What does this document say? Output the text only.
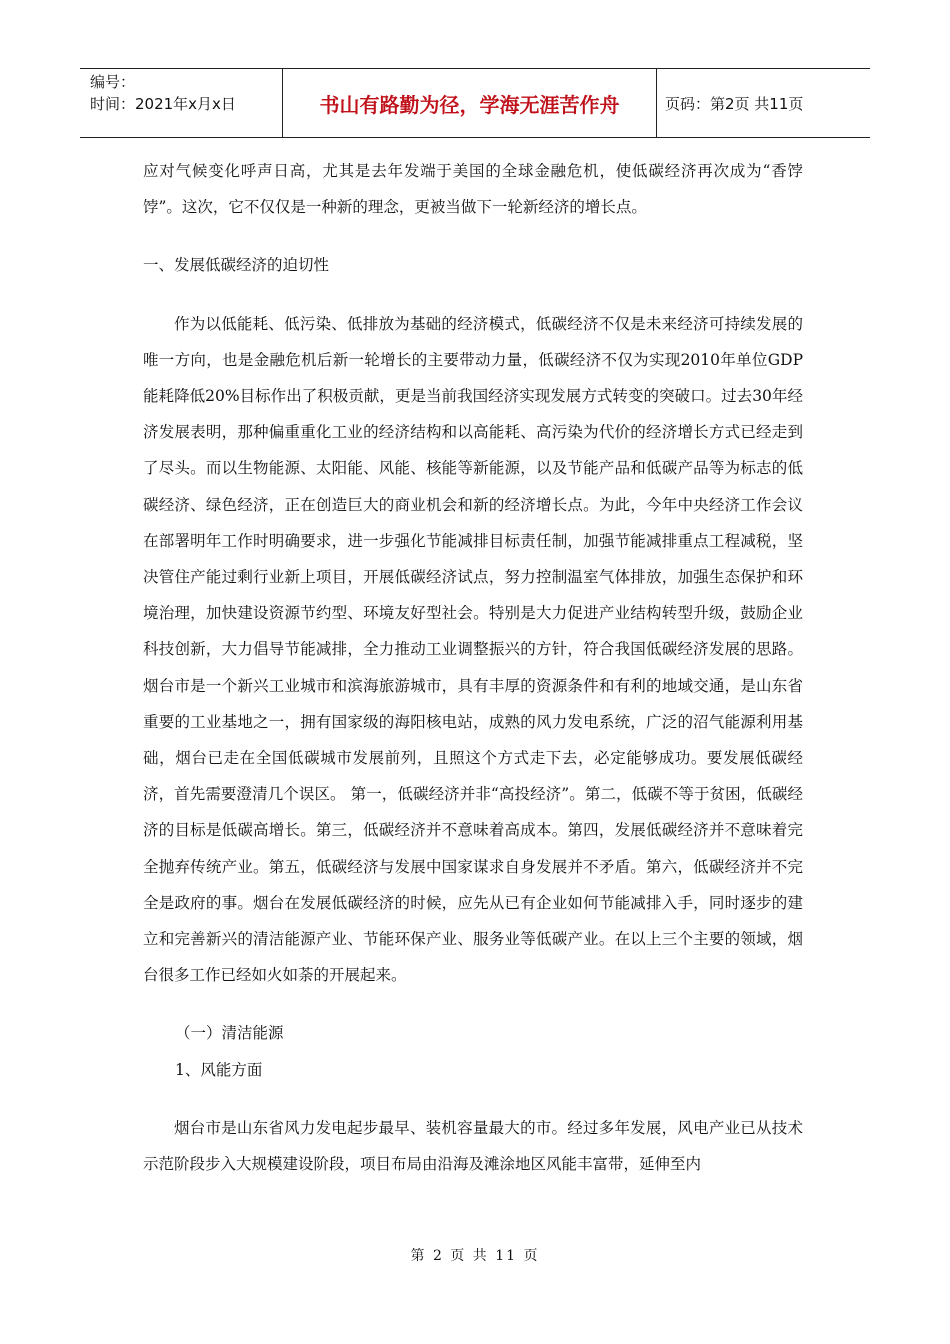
编号：
时间：2021年x月x日	书山有路勤为径，学海无涯苦作舟	页码：第2页 共11页

应对气候变化呼声日高，尤其是去年发端于美国的全球金融危机，使低碳经济再次成为“香饽饽”。这次，它不仅仅是一种新的理念，更被当做下一轮新经济的增长点。

一、发展低碳经济的迫切性

作为以低能耗、低污染、低排放为基础的经济模式，低碳经济不仅是未来经济可持续发展的唯一方向，也是金融危机后新一轮增长的主要带动力量，低碳经济不仅为实现2010年单位GDP能耗降低20%目标作出了积极贡献，更是当前我国经济实现发展方式转变的突破口。过去30年经济发展表明，那种偏重重化工业的经济结构和以高能耗、高污染为代价的经济增长方式已经走到了尽头。而以生物能源、太阳能、风能、核能等新能源，以及节能产品和低碳产品等为标志的低碳经济、绿色经济，正在创造巨大的商业机会和新的经济增长点。为此，今年中央经济工作会议在部署明年工作时明确要求，进一步强化节能减排目标责任制，加强节能减排重点工程减税，坚决管住产能过剩行业新上项目，开展低碳经济试点，努力控制温室气体排放，加强生态保护和环境治理，加快建设资源节约型、环境友好型社会。特别是大力促进产业结构转型升级，鼓励企业科技创新，大力倡导节能减排，全力推动工业调整振兴的方针，符合我国低碳经济发展的思路。烟台市是一个新兴工业城市和滨海旅游城市，具有丰厚的资源条件和有利的地域交通，是山东省重要的工业基地之一，拥有国家级的海阳核电站，成熟的风力发电系统，广泛的沼气能源利用基础，烟台已走在全国低碳城市发展前列，且照这个方式走下去，必定能够成功。要发展低碳经济，首先需要澄清几个误区。 第一，低碳经济并非“高投经济”。第二，低碳不等于贫困，低碳经济的目标是低碳高增长。第三，低碳经济并不意味着高成本。第四，发展低碳经济并不意味着完全抛弃传统产业。第五，低碳经济与发展中国家谋求自身发展并不矛盾。第六，低碳经济并不完全是政府的事。烟台在发展低碳经济的时候，应先从已有企业如何节能减排入手，同时逐步的建立和完善新兴的清洁能源产业、节能环保产业、服务业等低碳产业。在以上三个主要的领域，烟台很多工作已经如火如荼的开展起来。

（一）清洁能源

1、风能方面

烟台市是山东省风力发电起步最早、装机容量最大的市。经过多年发展，风电产业已从技术示范阶段步入大规模建设阶段，项目布局由沿海及滩涂地区风能丰富带，延伸至内

第 2 页 共 11 页
